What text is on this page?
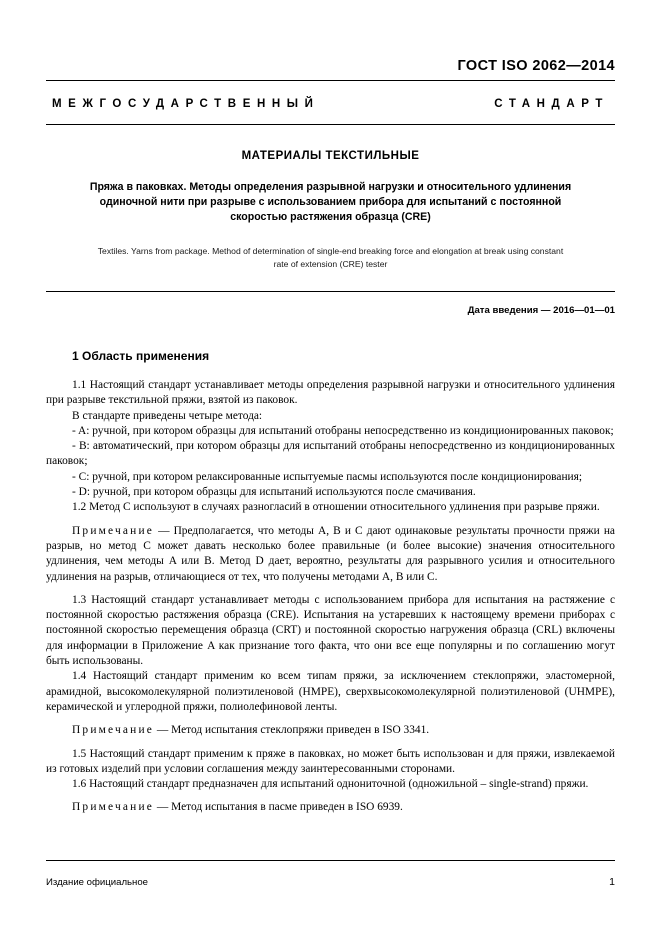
ГОСТ ISO 2062—2014
МЕЖГОСУДАРСТВЕННЫЙ	СТАНДАРТ
МАТЕРИАЛЫ ТЕКСТИЛЬНЫЕ
Пряжа в паковках. Методы определения разрывной нагрузки и относительного удлинения одиночной нити при разрыве с использованием прибора для испытаний с постоянной скоростью растяжения образца (CRE)
Textiles. Yarns from package. Method of determination of single-end breaking force and elongation at break using constant rate of extension (CRE) tester
Дата введения — 2016—01—01
1 Область применения

1.1 Настоящий стандарт устанавливает методы определения разрывной нагрузки и относительного удлинения при разрыве текстильной пряжи, взятой из паковок.

В стандарте приведены четыре метода:

- A: ручной, при котором образцы для испытаний отобраны непосредственно из кондиционированных паковок;

- B: автоматический, при котором образцы для испытаний отобраны непосредственно из кондиционированных паковок;

- C: ручной, при котором релаксированные испытуемые пасмы используются после кондиционирования;

- D: ручной, при котором образцы для испытаний используются после смачивания.

1.2 Метод C используют в случаях разногласий в отношении относительного удлинения при разрыве пряжи.

Примечание — Предполагается, что методы A, B и C дают одинаковые результаты прочности пряжи на разрыв, но метод C может давать несколько более правильные (и более высокие) значения относительного удлинения, чем методы A или B. Метод D дает, вероятно, результаты для разрывного усилия и относительного удлинения на разрыв, отличающиеся от тех, что получены методами A, B или C.

1.3 Настоящий стандарт устанавливает методы с использованием прибора для испытания на растяжение с постоянной скоростью растяжения образца (CRE). Испытания на устаревших к настоящему времени приборах с постоянной скоростью перемещения образца (CRT) и постоянной скоростью нагружения образца (CRL) включены для информации в Приложение A как признание того факта, что они все еще популярны и по соглашению могут быть использованы.

1.4 Настоящий стандарт применим ко всем типам пряжи, за исключением стеклопряжи, эластомерной, арамидной, высокомолекулярной полиэтиленовой (HMPE), сверхвысокомолекулярной полиэтиленовой (UHMPE), керамической и углеродной пряжи, полиолефиновой ленты.

Примечание — Метод испытания стеклопряжи приведен в ISO 3341.

1.5 Настоящий стандарт применим к пряже в паковках, но может быть использован и для пряжи, извлекаемой из готовых изделий при условии соглашения между заинтересованными сторонами.

1.6 Настоящий стандарт предназначен для испытаний однониточной (одножильной – single-strand) пряжи.

Примечание — Метод испытания в пасме приведен в ISO 6939.

Издание официальное	1
